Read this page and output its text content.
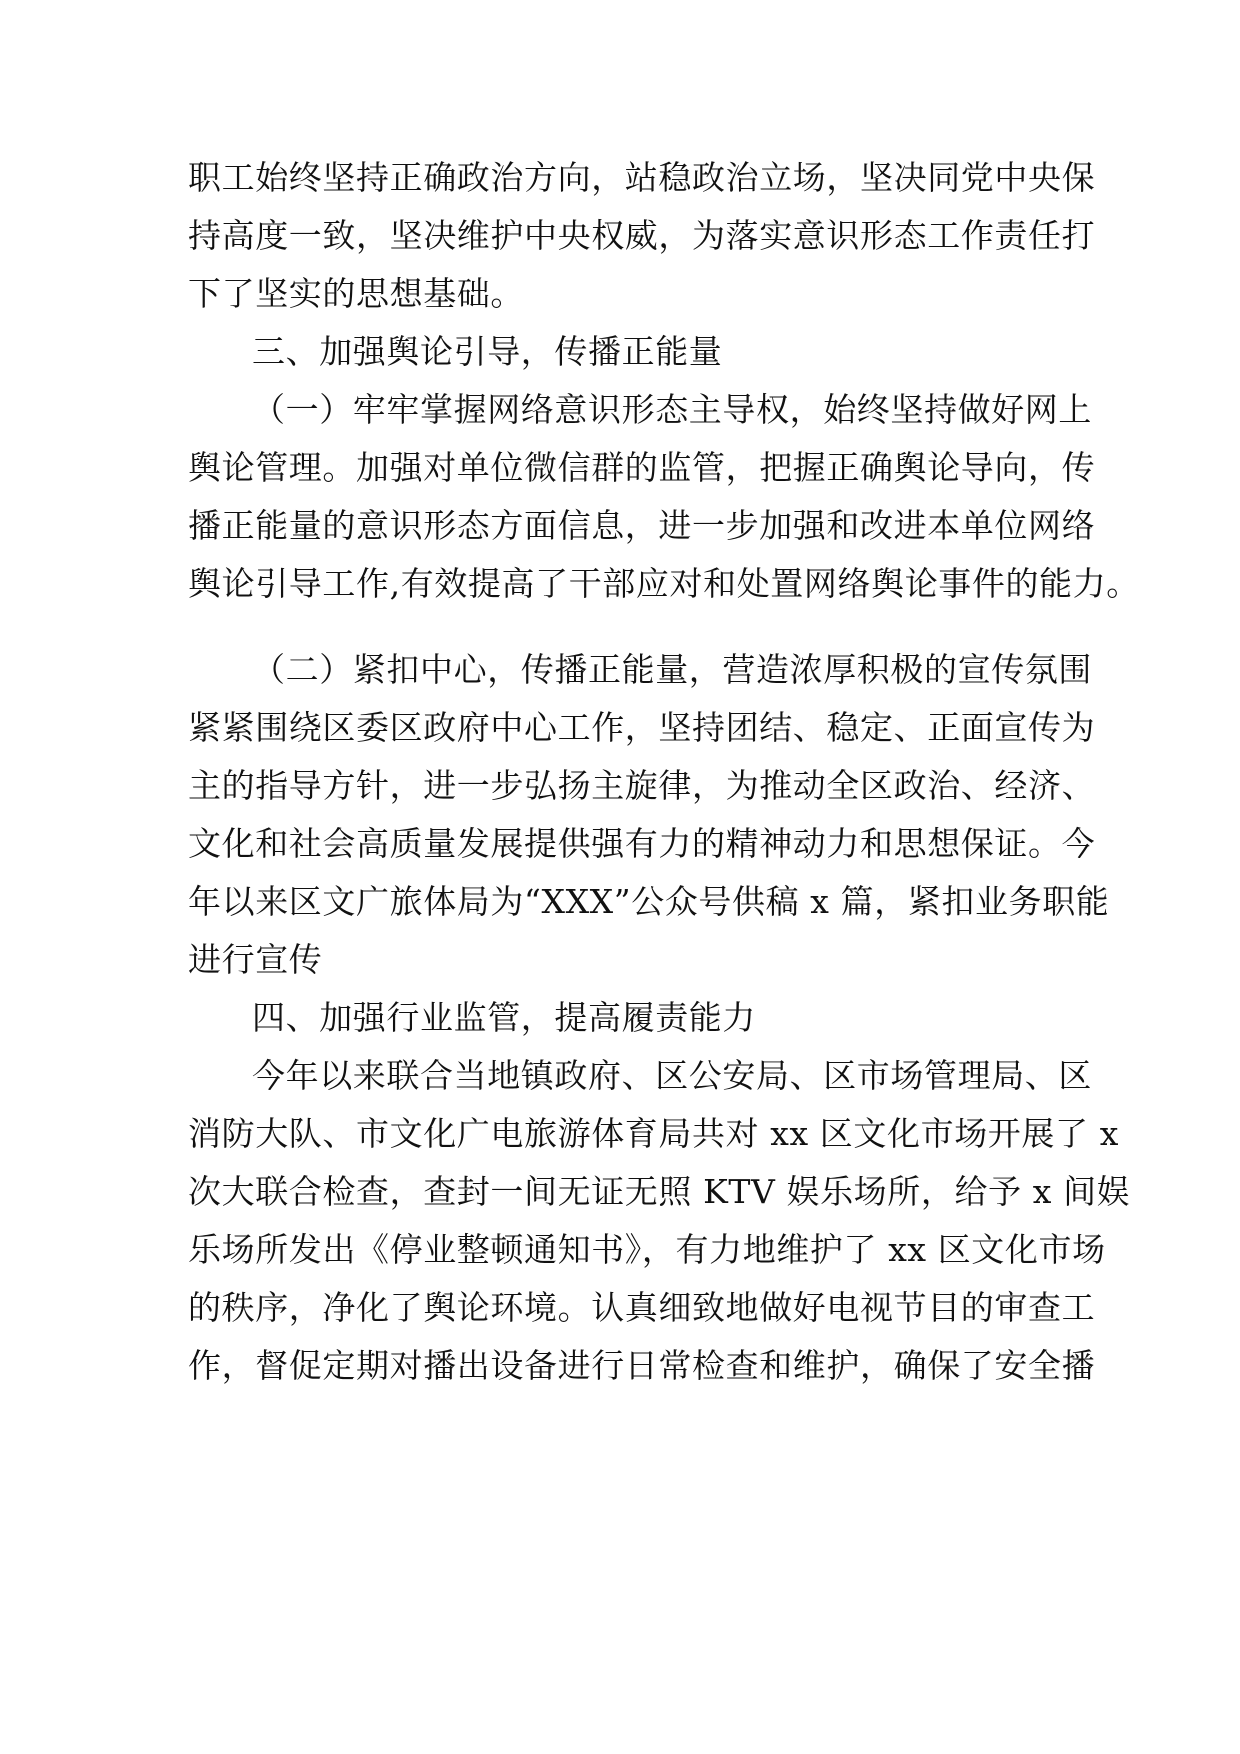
职工始终坚持正确政治方向，站稳政治立场，坚决同党中央保

持高度一致，坚决维护中央权威，为落实意识形态工作责任打

下了坚实的思想基础。

三、加强舆论引导，传播正能量

（一）牢牢掌握网络意识形态主导权，始终坚持做好网上

舆论管理。加强对单位微信群的监管，把握正确舆论导向，传

播正能量的意识形态方面信息，进一步加强和改进本单位网络

舆论引导工作,有效提高了干部应对和处置网络舆论事件的能力。

（二）紧扣中心，传播正能量，营造浓厚积极的宣传氛围

紧紧围绕区委区政府中心工作，坚持团结、稳定、正面宣传为

主的指导方针，进一步弘扬主旋律，为推动全区政治、经济、

文化和社会高质量发展提供强有力的精神动力和思想保证。今

年以来区文广旅体局为“XXX”公众号供稿 x 篇，紧扣业务职能

进行宣传

四、加强行业监管，提高履责能力

今年以来联合当地镇政府、区公安局、区市场管理局、区

消防大队、市文化广电旅游体育局共对 xx 区文化市场开展了 x

次大联合检查，查封一间无证无照 KTV 娱乐场所，给予 x 间娱

乐场所发出《停业整顿通知书》，有力地维护了 xx 区文化市场

的秩序，净化了舆论环境。认真细致地做好电视节目的审查工

作，督促定期对播出设备进行日常检查和维护，确保了安全播
